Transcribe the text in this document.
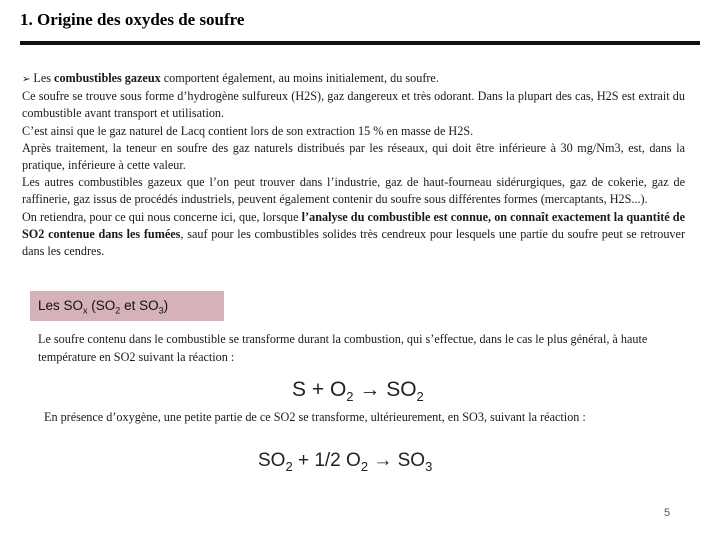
1. Origine des oxydes de soufre

➢ Les combustibles gazeux comportent également, au moins initialement, du soufre.

Ce soufre se trouve sous forme d’hydrogène sulfureux (H2S), gaz dangereux et très odorant. Dans la plupart des cas, H2S est extrait du combustible avant transport et utilisation.

C’est ainsi que le gaz naturel de Lacq contient lors de son extraction 15 % en masse de H2S.

Après traitement, la teneur en soufre des gaz naturels distribués par les réseaux, qui doit être inférieure à 30 mg/Nm3, est, dans la pratique, inférieure à cette valeur.

Les autres combustibles gazeux que l’on peut trouver dans l’industrie, gaz de haut-fourneau sidérurgiques, gaz de cokerie, gaz de raffinerie, gaz issus de procédés industriels, peuvent également contenir du soufre sous différentes formes (mercaptants, H2S...).

On retiendra, pour ce qui nous concerne ici, que, lorsque l’analyse du combustible est connue, on connaît exactement la quantité de SO2 contenue dans les fumées, sauf pour les combustibles solides très cendreux pour lesquels une partie du soufre peut se retrouver dans les cendres.

Les $SO_x$ ($SO_2$ et $SO_3$)

Le soufre contenu dans le combustible se transforme durant la combustion, qui s’effectue, dans le cas le plus général, à haute température en SO2 suivant la réaction :

$S + O_2 \to SO_2$

En présence d’oxygène, une petite partie de ce SO2 se transforme, ultérieurement, en SO3, suivant la réaction :

$SO_2 + 1/2$ $O_2 \to SO_3$

5
